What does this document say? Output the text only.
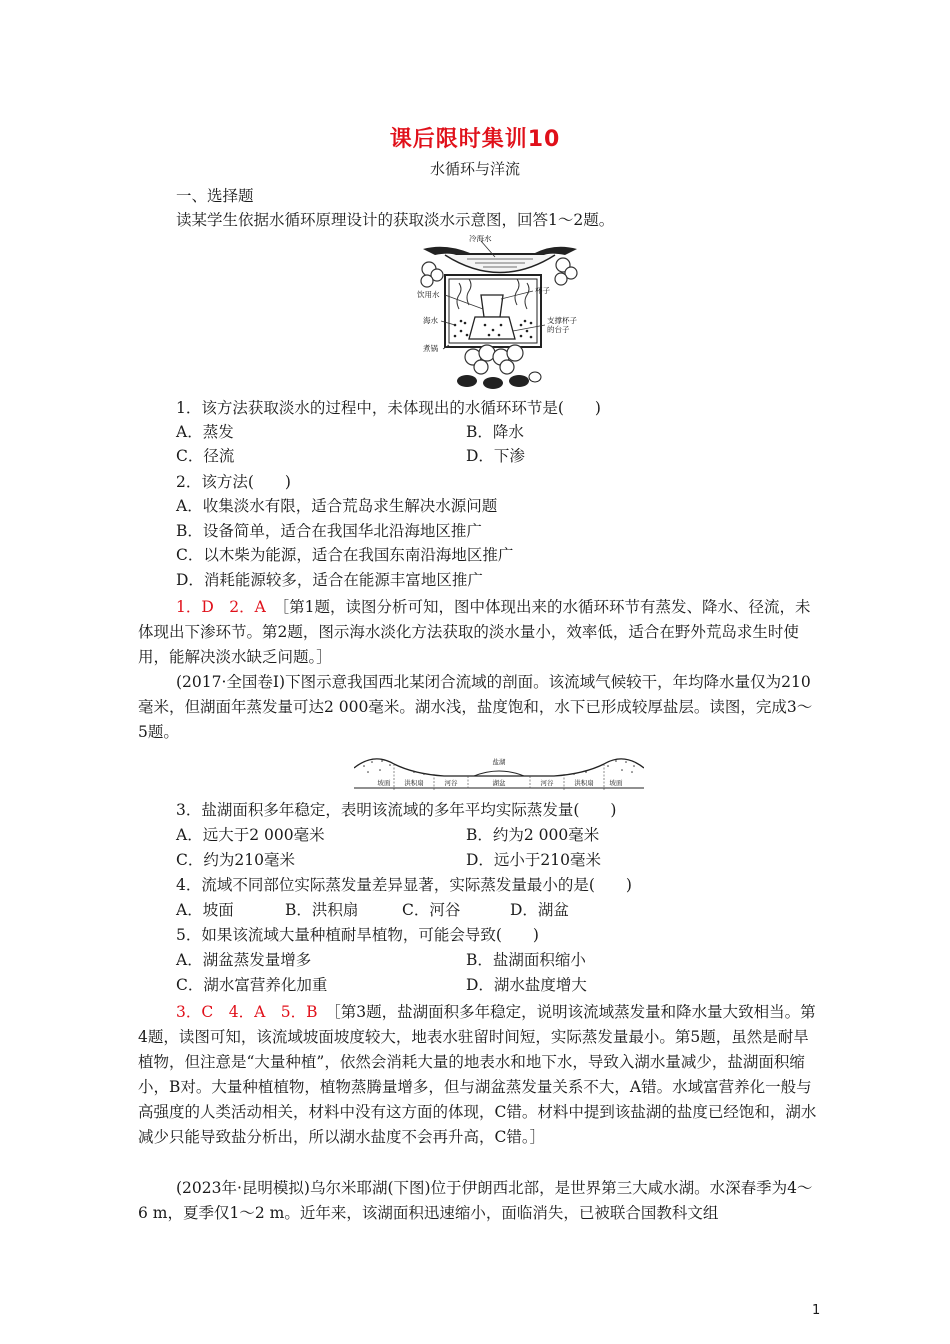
课后限时集训10
水循环与洋流
一、选择题
读某学生依据水循环原理设计的获取淡水示意图，回答1～2题。
冷海水
杯子
饮用水
海水	支撑杯子
的台子
煮锅
1．该方法获取淡水的过程中，未体现出的水循环环节是(　　)
A．蒸发	B．降水
C．径流	D．下渗
2．该方法(　　)
A．收集淡水有限，适合荒岛求生解决水源问题
B．设备简单，适合在我国华北沿海地区推广
C．以木柴为能源，适合在我国东南沿海地区推广
D．消耗能源较多，适合在能源丰富地区推广
1．D　2．A　 ［第1题，读图分析可知，图中体现出来的水循环环节有蒸发、降水、径流，未体现出下渗环节。第2题，图示海水淡化方法获取的淡水量小，效率低，适合在野外荒岛求生时使用，能解决淡水缺乏问题。］
(2017·全国卷Ⅰ)下图示意我国西北某闭合流域的剖面。该流域气候较干，年均降水量仅为210毫米，但湖面年蒸发量可达2 000毫米。湖水浅，盐度饱和，水下已形成较厚盐层。读图，完成3～5题。
盐湖
坡面 洪积扇	河谷	湖盆	河谷	洪积扇 坡面
3．盐湖面积多年稳定，表明该流域的多年平均实际蒸发量(　　)
A．远大于2 000毫米	B．约为2 000毫米
C．约为210毫米	D．远小于210毫米
4．流域不同部位实际蒸发量差异显著，实际蒸发量最小的是(　　)
A．坡面	B．洪积扇	C．河谷	D．湖盆
5．如果该流域大量种植耐旱植物，可能会导致(　　)
A．湖盆蒸发量增多	B．盐湖面积缩小
C．湖水富营养化加重	D．湖水盐度增大
3．C　4．A　5．B　 ［第3题，盐湖面积多年稳定，说明该流域蒸发量和降水量大致相当。第4题，读图可知，该流域坡面坡度较大，地表水驻留时间短，实际蒸发量最小。第5题，虽然是耐旱植物，但注意是“大量种植”，依然会消耗大量的地表水和地下水，导致入湖水量减少，盐湖面积缩小，B对。大量种植植物，植物蒸腾量增多，但与湖盆蒸发量关系不大，A错。水域富营养化一般与高强度的人类活动相关，材料中没有这方面的体现，C错。材料中提到该盐湖的盐度已经饱和，湖水减少只能导致盐分析出，所以湖水盐度不会再升高，C错。］
(2023年·昆明模拟)乌尔米耶湖(下图)位于伊朗西北部，是世界第三大咸水湖。水深春季为4～6 m，夏季仅1～2 m。近年来，该湖面积迅速缩小，面临消失，已被联合国教科文组
1
